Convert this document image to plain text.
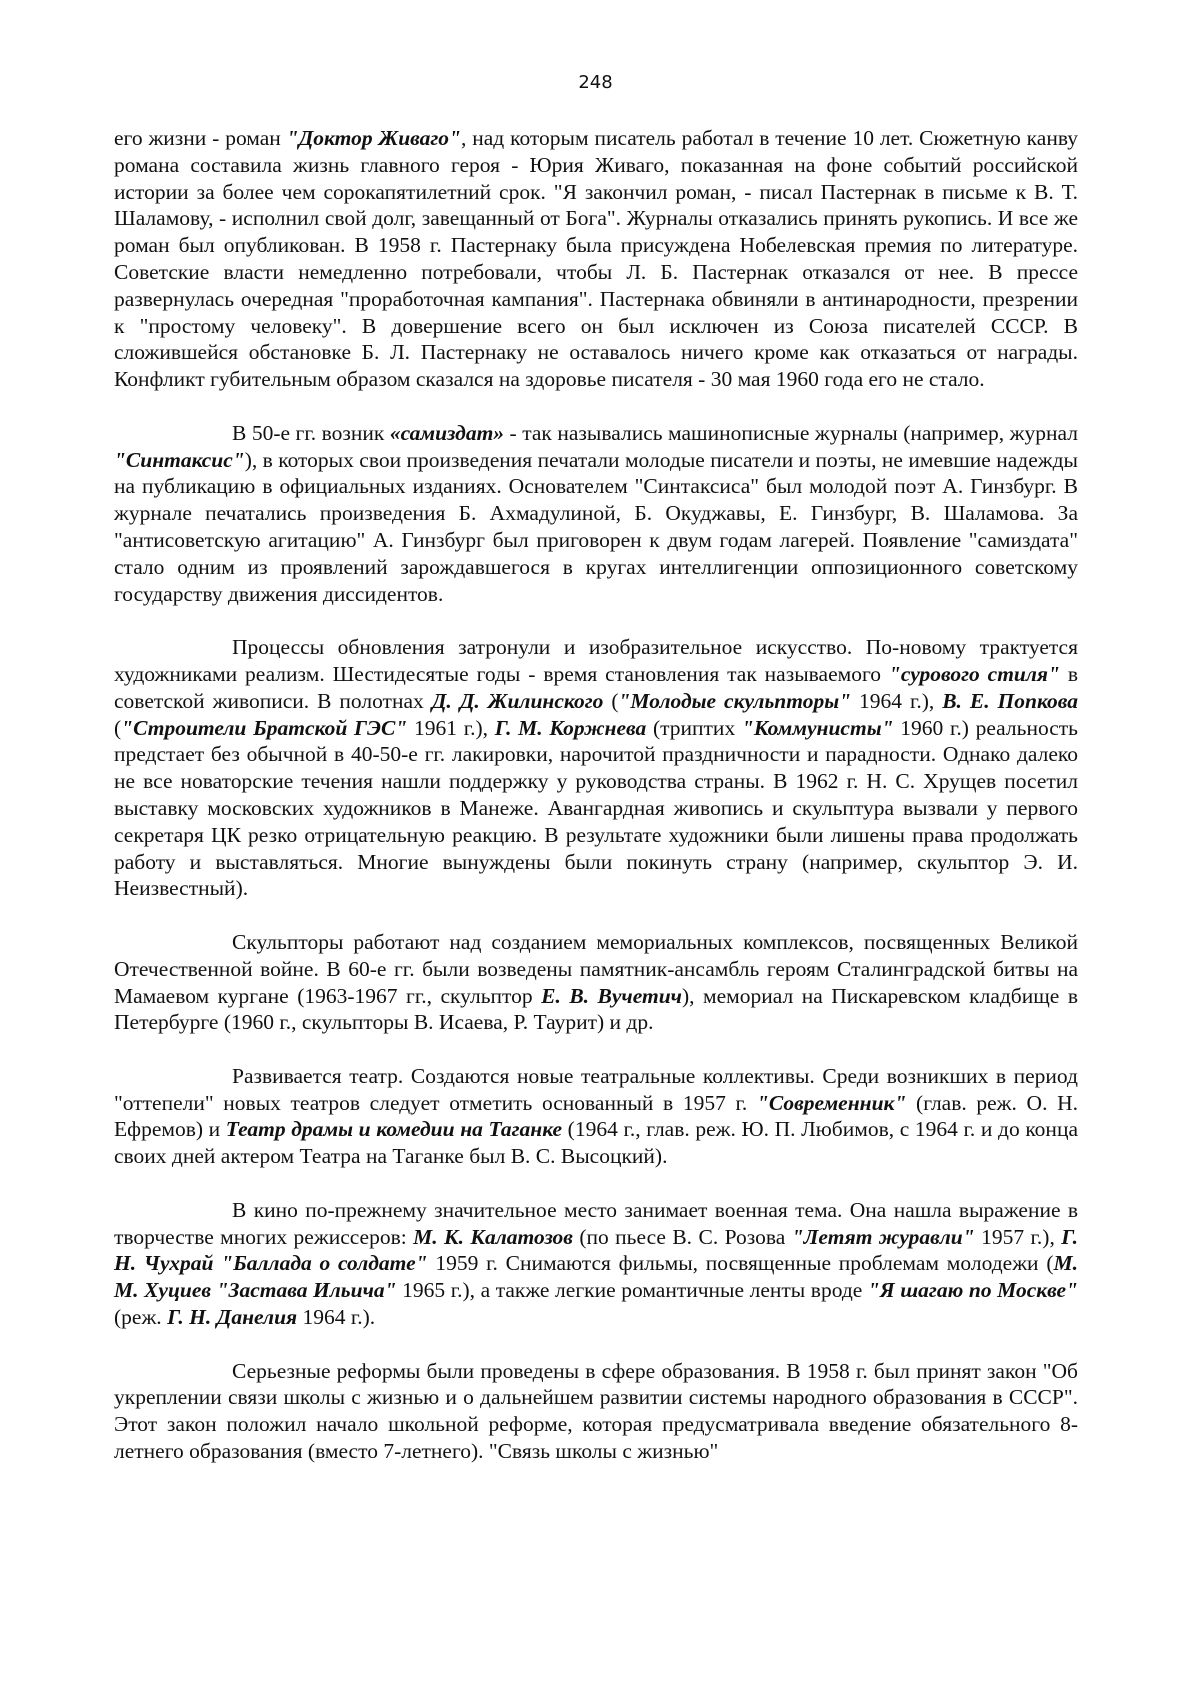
248

его жизни - роман "Доктор Живаго", над которым писатель работал в течение 10 лет. Сюжетную канву романа составила жизнь главного героя - Юрия Живаго, показанная на фоне событий российской истории за более чем сорокапятилетний срок. "Я закончил роман, - писал Пастернак в письме к В. Т. Шаламову, - исполнил свой долг, завещанный от Бога". Журналы отказались принять рукопись. И все же роман был опубликован. В 1958 г. Пастернаку была присуждена Нобелевская премия по литературе. Советские власти немедленно потребовали, чтобы Л. Б. Пастернак отказался от нее. В прессе развернулась очередная "проработочная кампания". Пастернака обвиняли в антинародности, презрении к "простому человеку". В довершение всего он был исключен из Союза писателей СССР. В сложившейся обстановке Б. Л. Пастернаку не оставалось ничего кроме как отказаться от награды. Конфликт губительным образом сказался на здоровье писателя - 30 мая 1960 года его не стало.

В 50-е гг. возник «самиздат» - так назывались машинописные журналы (например, журнал "Синтаксис"), в которых свои произведения печатали молодые писатели и поэты, не имевшие надежды на публикацию в официальных изданиях. Основателем "Синтаксиса" был молодой поэт А. Гинзбург. В журнале печатались произведения Б. Ахмадулиной, Б. Окуджавы, Е. Гинзбург, В. Шаламова. За "антисоветскую агитацию" А. Гинзбург был приговорен к двум годам лагерей. Появление "самиздата" стало одним из проявлений зарождавшегося в кругах интеллигенции оппозиционного советскому государству движения диссидентов.

Процессы обновления затронули и изобразительное искусство. По-новому трактуется художниками реализм. Шестидесятые годы - время становления так называемого "сурового стиля" в советской живописи. В полотнах Д. Д. Жилинского ("Молодые скульпторы" 1964 г.), В. Е. Попкова ("Строители Братской ГЭС" 1961 г.), Г. М. Коржнева (триптих "Коммунисты" 1960 г.) реальность предстает без обычной в 40-50-е гг. лакировки, нарочитой праздничности и парадности. Однако далеко не все новаторские течения нашли поддержку у руководства страны. В 1962 г. Н. С. Хрущев посетил выставку московских художников в Манеже. Авангардная живопись и скульптура вызвали у первого секретаря ЦК резко отрицательную реакцию. В результате художники были лишены права продолжать работу и выставляться. Многие вынуждены были покинуть страну (например, скульптор Э. И. Неизвестный).

Скульпторы работают над созданием мемориальных комплексов, посвященных Великой Отечественной войне. В 60-е гг. были возведены памятник-ансамбль героям Сталинградской битвы на Мамаевом кургане (1963-1967 гг., скульптор Е. В. Вучетич), мемориал на Пискаревском кладбище в Петербурге (1960 г., скульпторы В. Исаева, Р. Таурит) и др.

Развивается театр. Создаются новые театральные коллективы. Среди возникших в период "оттепели" новых театров следует отметить основанный в 1957 г. "Современник" (глав. реж. О. Н. Ефремов) и Театр драмы и комедии на Таганке (1964 г., глав. реж. Ю. П. Любимов, с 1964 г. и до конца своих дней актером Театра на Таганке был В. С. Высоцкий).

В кино по-прежнему значительное место занимает военная тема. Она нашла выражение в творчестве многих режиссеров: М. К. Калатозов (по пьесе В. С. Розова "Летят журавли" 1957 г.), Г. Н. Чухрай "Баллада о солдате" 1959 г. Снимаются фильмы, посвященные проблемам молодежи (М. М. Хуциев "Застава Ильича" 1965 г.), а также легкие романтичные ленты вроде "Я шагаю по Москве" (реж. Г. Н. Данелия 1964 г.).

Серьезные реформы были проведены в сфере образования. В 1958 г. был принят закон "Об укреплении связи школы с жизнью и о дальнейшем развитии системы народного образования в СССР". Этот закон положил начало школьной реформе, которая предусматривала введение обязательного 8-летнего образования (вместо 7-летнего). "Связь школы с жизнью"
